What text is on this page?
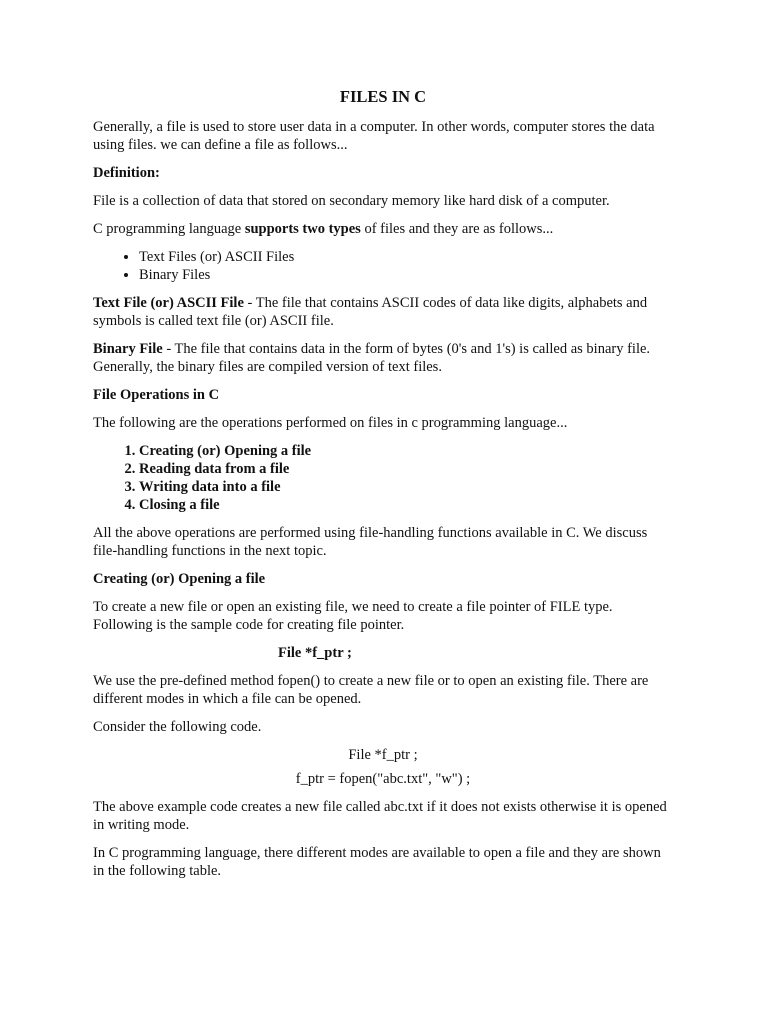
FILES IN C

Generally, a file is used to store user data in a computer. In other words, computer stores the data using files. we can define a file as follows...

Definition:

File is a collection of data that stored on secondary memory like hard disk of a computer.

C programming language supports two types of files and they are as follows...

• Text Files (or) ASCII Files
• Binary Files

Text File (or) ASCII File - The file that contains ASCII codes of data like digits, alphabets and symbols is called text file (or) ASCII file.

Binary File - The file that contains data in the form of bytes (0's and 1's) is called as binary file. Generally, the binary files are compiled version of text files.

File Operations in C

The following are the operations performed on files in c programming language...

1. Creating (or) Opening a file
2. Reading data from a file
3. Writing data into a file
4. Closing a file

All the above operations are performed using file-handling functions available in C. We discuss file-handling functions in the next topic.

Creating (or) Opening a file

To create a new file or open an existing file, we need to create a file pointer of FILE type. Following is the sample code for creating file pointer.

File *f_ptr ;

We use the pre-defined method fopen() to create a new file or to open an existing file. There are different modes in which a file can be opened.

Consider the following code.

File *f_ptr ;
f_ptr = fopen("abc.txt", "w") ;

The above example code creates a new file called abc.txt if it does not exists otherwise it is opened in writing mode.

In C programming language, there different modes are available to open a file and they are shown in the following table.
